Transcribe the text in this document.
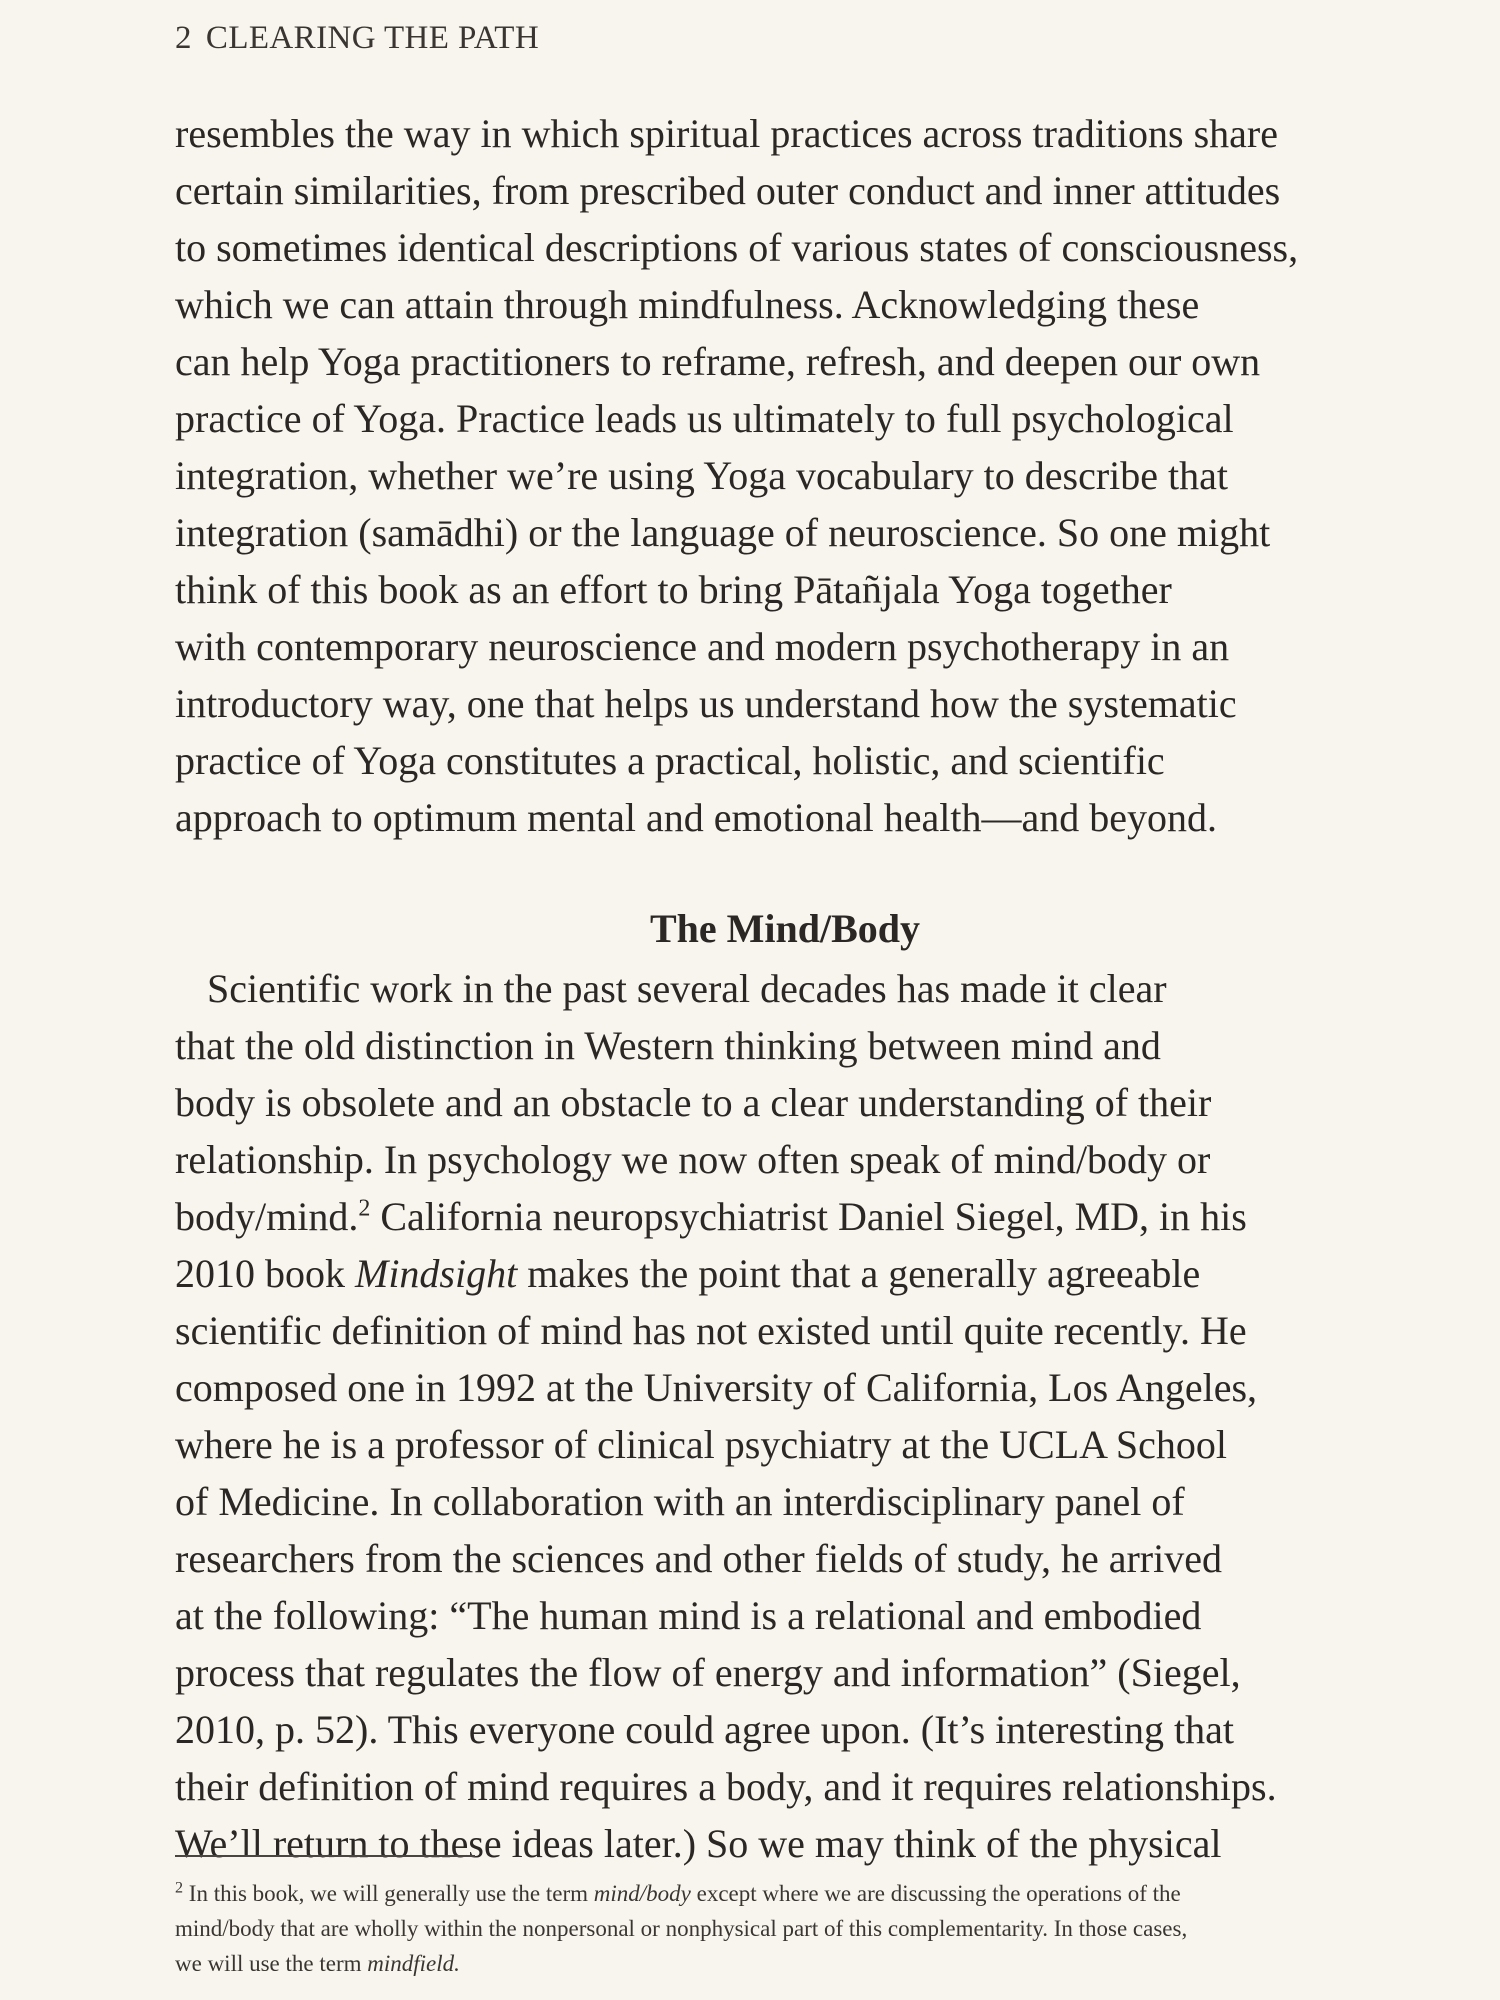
2 CLEARING THE PATH
resembles the way in which spiritual practices across traditions share
certain similarities, from prescribed outer conduct and inner attitudes
to sometimes identical descriptions of various states of consciousness,
which we can attain through mindfulness. Acknowledging these
can help Yoga practitioners to reframe, refresh, and deepen our own
practice of Yoga. Practice leads us ultimately to full psychological
integration, whether we’re using Yoga vocabulary to describe that
integration (samādhi) or the language of neuroscience. So one might
think of this book as an effort to bring Pātañjala Yoga together
with contemporary neuroscience and modern psychotherapy in an
introductory way, one that helps us understand how the systematic
practice of Yoga constitutes a practical, holistic, and scientific
approach to optimum mental and emotional health—and beyond.
The Mind/Body
Scientific work in the past several decades has made it clear
that the old distinction in Western thinking between mind and
body is obsolete and an obstacle to a clear understanding of their
relationship. In psychology we now often speak of mind/body or
body/mind.$^2$ California neuropsychiatrist Daniel Siegel, MD, in his
2010 book Mindsight makes the point that a generally agreeable
scientific definition of mind has not existed until quite recently. He
composed one in 1992 at the University of California, Los Angeles,
where he is a professor of clinical psychiatry at the UCLA School
of Medicine. In collaboration with an interdisciplinary panel of
researchers from the sciences and other fields of study, he arrived
at the following: “The human mind is a relational and embodied
process that regulates the flow of energy and information” (Siegel,
2010, p. 52). This everyone could agree upon. (It’s interesting that
their definition of mind requires a body, and it requires relationships.
We’ll return to these ideas later.) So we may think of the physical
$^2$ In this book, we will generally use the term mind/body except where we are discussing the operations of the
mind/body that are wholly within the nonpersonal or nonphysical part of this complementarity. In those cases,
we will use the term mindfield.
